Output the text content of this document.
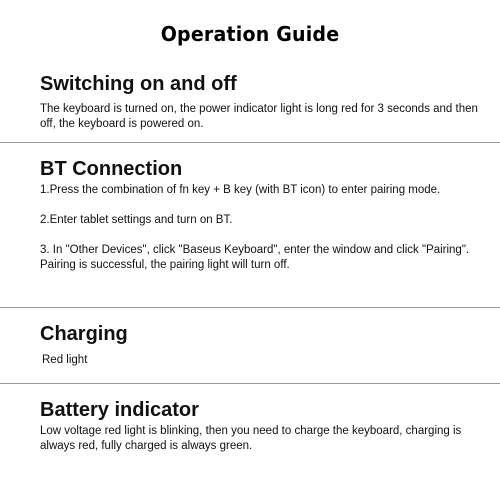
Operation Guide
Switching on and off

The keyboard is turned on, the power indicator light is long red for 3 seconds and then off, the keyboard is powered on.

BT Connection

1.Press the combination of fn key + B key (with BT icon) to enter pairing mode.

2.Enter tablet settings and turn on BT.

3. In "Other Devices", click "Baseus Keyboard", enter the window and click "Pairing". Pairing is successful, the pairing light will turn off.

Charging

Red light

Battery indicator

Low voltage red light is blinking, then you need to charge the keyboard, charging is always red, fully charged is always green.
